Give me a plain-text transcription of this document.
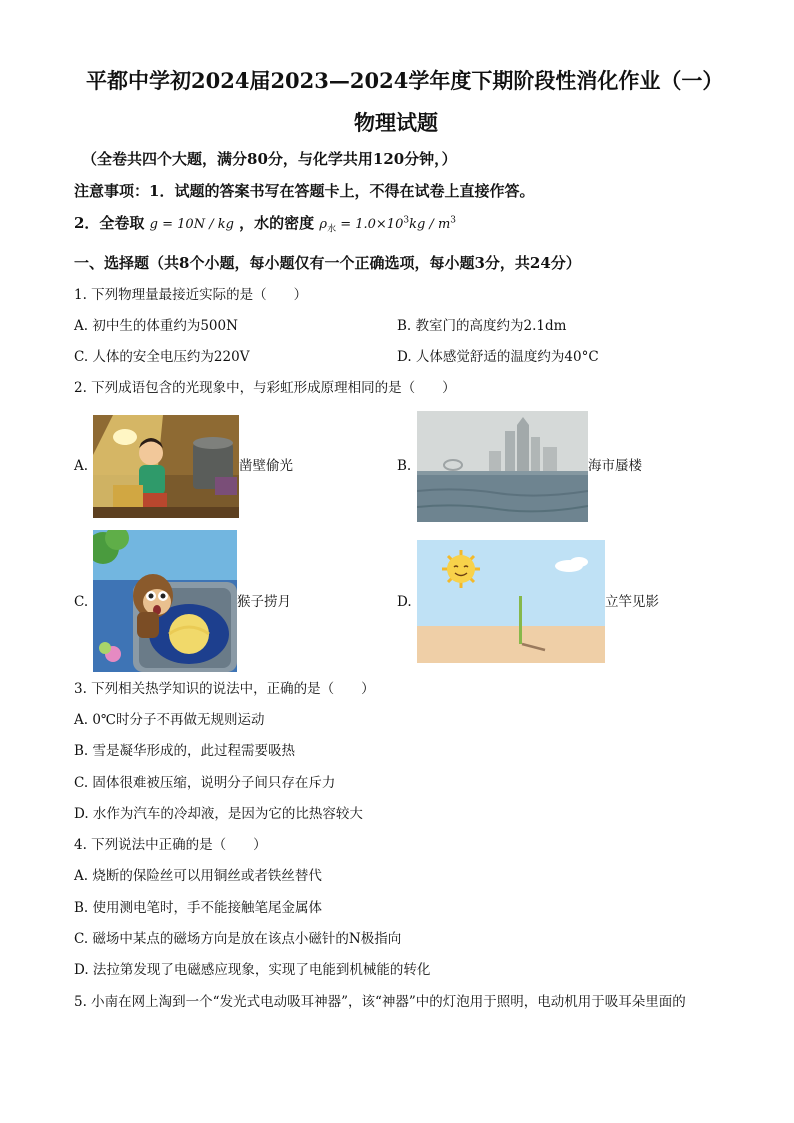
平都中学初2024届2023—2024学年度下期阶段性消化作业（一）
物理试题
（全卷共四个大题，满分80分，与化学共用120分钟，）
注意事项：1．试题的答案书写在答题卡上，不得在试卷上直接作答。
2．全卷取 g = 10N / kg ，水的密度 $\rho_水 = 1.0\times 10^3kg / m^3$
一、选择题（共8个小题，每小题仅有一个正确选项，每小题3分，共24分）
1. 下列物理量最接近实际的是（　　）
A. 初中生的体重约为500N	B. 教室门的高度约为2.1dm
C. 人体的安全电压约为220V	D. 人体感觉舒适的温度约为40°C
2. 下列成语包含的光现象中，与彩虹形成原理相同的是（　　）
A.	凿壁偷光	B.	海市蜃楼
C.	猴子捞月	D.	立竿见影
3. 下列相关热学知识的说法中，正确的是（　　）
A. 0℃时分子不再做无规则运动
B. 雪是凝华形成的，此过程需要吸热
C. 固体很难被压缩，说明分子间只存在斥力
D. 水作为汽车的冷却液，是因为它的比热容较大
4. 下列说法中正确的是（　　）
A. 烧断的保险丝可以用铜丝或者铁丝替代
B. 使用测电笔时，手不能接触笔尾金属体
C. 磁场中某点的磁场方向是放在该点小磁针的N极指向
D. 法拉第发现了电磁感应现象，实现了电能到机械能的转化
5. 小南在网上淘到一个“发光式电动吸耳神器”，该“神器”中的灯泡用于照明，电动机用于吸耳朵里面的
